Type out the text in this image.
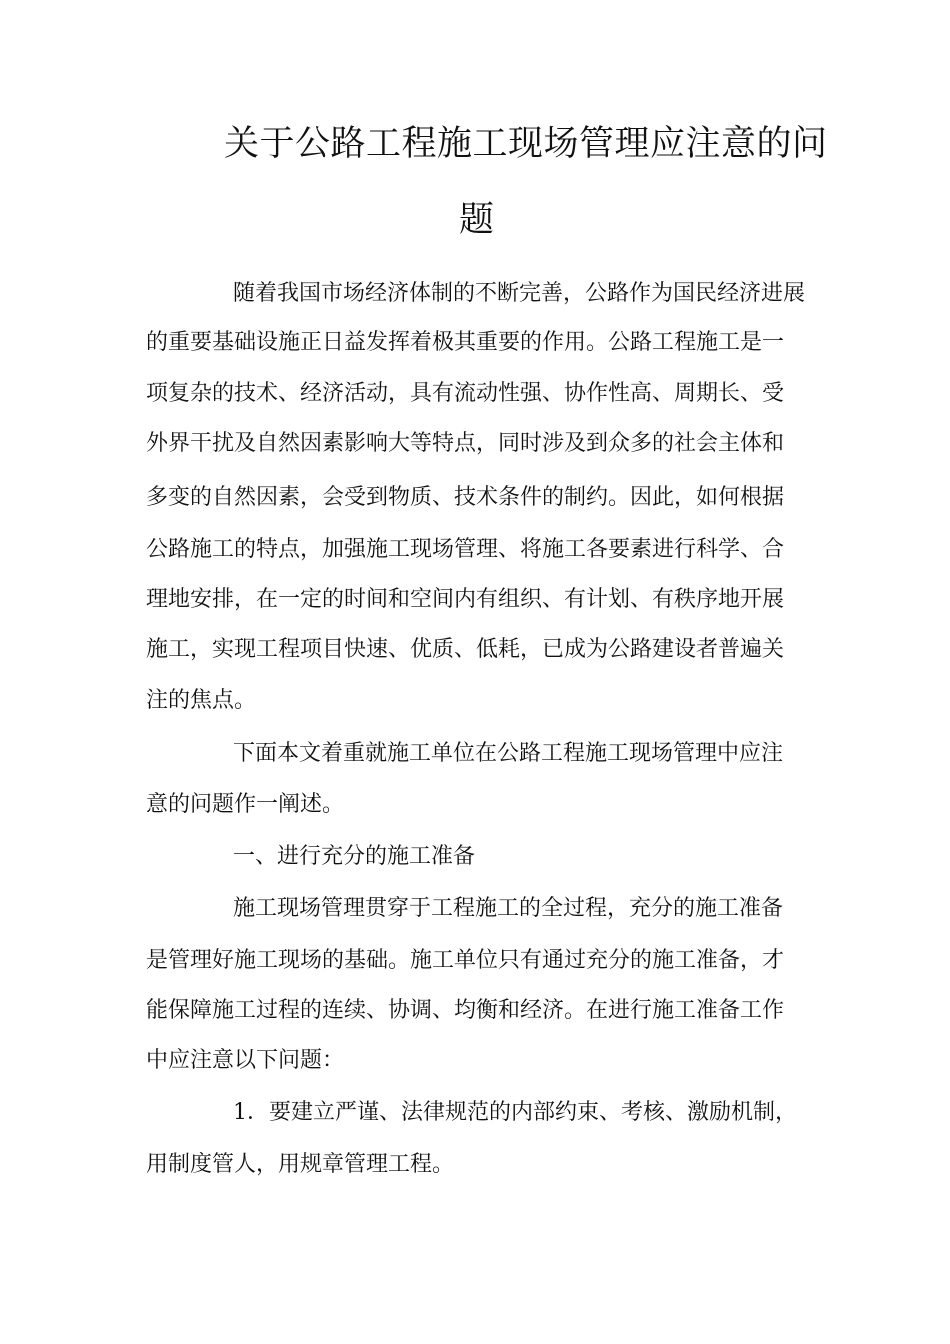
关于公路工程施工现场管理应注意的问
题

随着我国市场经济体制的不断完善，公路作为国民经济进展

的重要基础设施正日益发挥着极其重要的作用。公路工程施工是一

项复杂的技术、经济活动，具有流动性强、协作性高、周期长、受

外界干扰及自然因素影响大等特点，同时涉及到众多的社会主体和

多变的自然因素，会受到物质、技术条件的制约。因此，如何根据

公路施工的特点，加强施工现场管理、将施工各要素进行科学、合

理地安排，在一定的时间和空间内有组织、有计划、有秩序地开展

施工，实现工程项目快速、优质、低耗，已成为公路建设者普遍关

注的焦点。

下面本文着重就施工单位在公路工程施工现场管理中应注

意的问题作一阐述。

一、进行充分的施工准备

施工现场管理贯穿于工程施工的全过程，充分的施工准备

是管理好施工现场的基础。施工单位只有通过充分的施工准备，才

能保障施工过程的连续、协调、均衡和经济。在进行施工准备工作

中应注意以下问题：

1．要建立严谨、法律规范的内部约束、考核、激励机制，

用制度管人，用规章管理工程。
